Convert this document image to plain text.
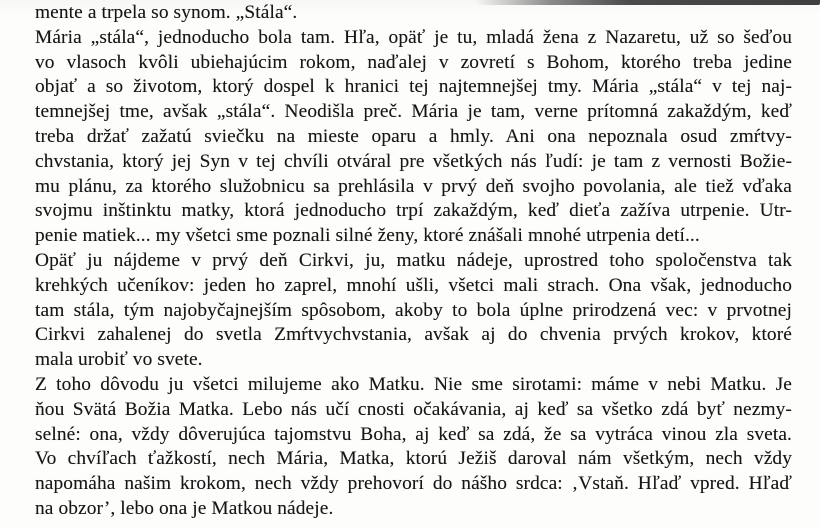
mente a trpela so synom. „Stála“.
Mária „stála“, jednoducho bola tam. Hľa, opäť je tu, mladá žena z Nazaretu, už so šeďou
vo vlasoch kvôli ubiehajúcim rokom, naďalej v zovretí s Bohom, ktorého treba jedine
objať a so životom, ktorý dospel k hranici tej najtemnejšej tmy. Mária „stála“ v tej naj-
temnejšej tme, avšak „stála“. Neodišla preč. Mária je tam, verne prítomná zakaždým, keď
treba držať zažatú sviečku na mieste oparu a hmly. Ani ona nepoznala osud zmŕtvy-
chvstania, ktorý jej Syn v tej chvíli otváral pre všetkých nás ľudí: je tam z vernosti Božie-
mu plánu, za ktorého služobnicu sa prehlásila v prvý deň svojho povolania, ale tiež vďaka
svojmu inštinktu matky, ktorá jednoducho trpí zakaždým, keď dieťa zažíva utrpenie. Utr-
penie matiek... my všetci sme poznali silné ženy, ktoré znášali mnohé utrpenia detí...
Opäť ju nájdeme v prvý deň Cirkvi, ju, matku nádeje, uprostred toho spoločenstva tak
krehkých učeníkov: jeden ho zaprel, mnohí ušli, všetci mali strach. Ona však, jednoducho
tam stála, tým najobyčajnejším spôsobom, akoby to bola úplne prirodzená vec: v prvotnej
Cirkvi zahalenej do svetla Zmŕtvychvstania, avšak aj do chvenia prvých krokov, ktoré
mala urobiť vo svete.
Z toho dôvodu ju všetci milujeme ako Matku. Nie sme sirotami: máme v nebi Matku. Je
ňou Svätá Božia Matka. Lebo nás učí cnosti očakávania, aj keď sa všetko zdá byť nezmy-
selné: ona, vždy dôverujúca tajomstvu Boha, aj keď sa zdá, že sa vytráca vinou zla sveta.
Vo chvíľach ťažkostí, nech Mária, Matka, ktorú Ježiš daroval nám všetkým, nech vždy
napomáha našim krokom, nech vždy prehovorí do nášho srdca: ‚Vstaň. Hľaď vpred. Hľaď
na obzor’, lebo ona je Matkou nádeje.
